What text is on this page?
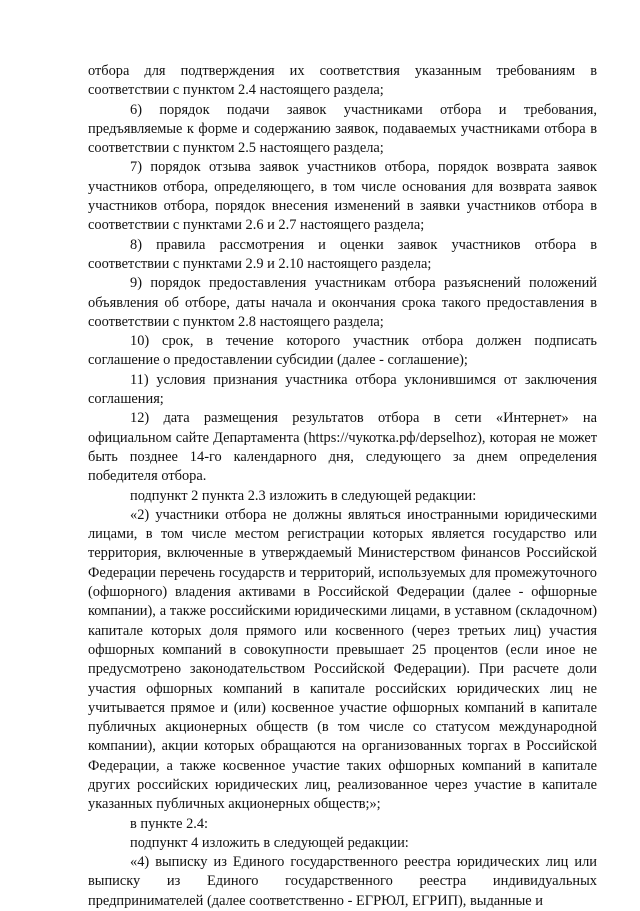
отбора для подтверждения их соответствия указанным требованиям в соответствии с пунктом 2.4 настоящего раздела;

6) порядок подачи заявок участниками отбора и требования, предъявляемые к форме и содержанию заявок, подаваемых участниками отбора в соответствии с пунктом 2.5 настоящего раздела;

7) порядок отзыва заявок участников отбора, порядок возврата заявок участников отбора, определяющего, в том числе основания для возврата заявок участников отбора, порядок внесения изменений в заявки участников отбора в соответствии с пунктами 2.6 и 2.7 настоящего раздела;

8) правила рассмотрения и оценки заявок участников отбора в соответствии с пунктами 2.9 и 2.10 настоящего раздела;

9) порядок предоставления участникам отбора разъяснений положений объявления об отборе, даты начала и окончания срока такого предоставления в соответствии с пунктом 2.8 настоящего раздела;

10) срок, в течение которого участник отбора должен подписать соглашение о предоставлении субсидии (далее - соглашение);

11) условия признания участника отбора уклонившимся от заключения соглашения;

12) дата размещения результатов отбора в сети «Интернет» на официальном сайте Департамента (https://чукотка.рф/depselhoz), которая не может быть позднее 14-го календарного дня, следующего за днем определения победителя отбора.

подпункт 2 пункта 2.3 изложить в следующей редакции:

«2) участники отбора не должны являться иностранными юридическими лицами, в том числе местом регистрации которых является государство или территория, включенные в утверждаемый Министерством финансов Российской Федерации перечень государств и территорий, используемых для промежуточного (офшорного) владения активами в Российской Федерации (далее - офшорные компании), а также российскими юридическими лицами, в уставном (складочном) капитале которых доля прямого или косвенного (через третьих лиц) участия офшорных компаний в совокупности превышает 25 процентов (если иное не предусмотрено законодательством Российской Федерации). При расчете доли участия офшорных компаний в капитале российских юридических лиц не учитывается прямое и (или) косвенное участие офшорных компаний в капитале публичных акционерных обществ (в том числе со статусом международной компании), акции которых обращаются на организованных торгах в Российской Федерации, а также косвенное участие таких офшорных компаний в капитале других российских юридических лиц, реализованное через участие в капитале указанных публичных акционерных обществ;»;

в пункте 2.4:

подпункт 4 изложить в следующей редакции:

«4) выписку из Единого государственного реестра юридических лиц или выписку из Единого государственного реестра индивидуальных предпринимателей (далее соответственно - ЕГРЮЛ, ЕГРИП), выданные и
